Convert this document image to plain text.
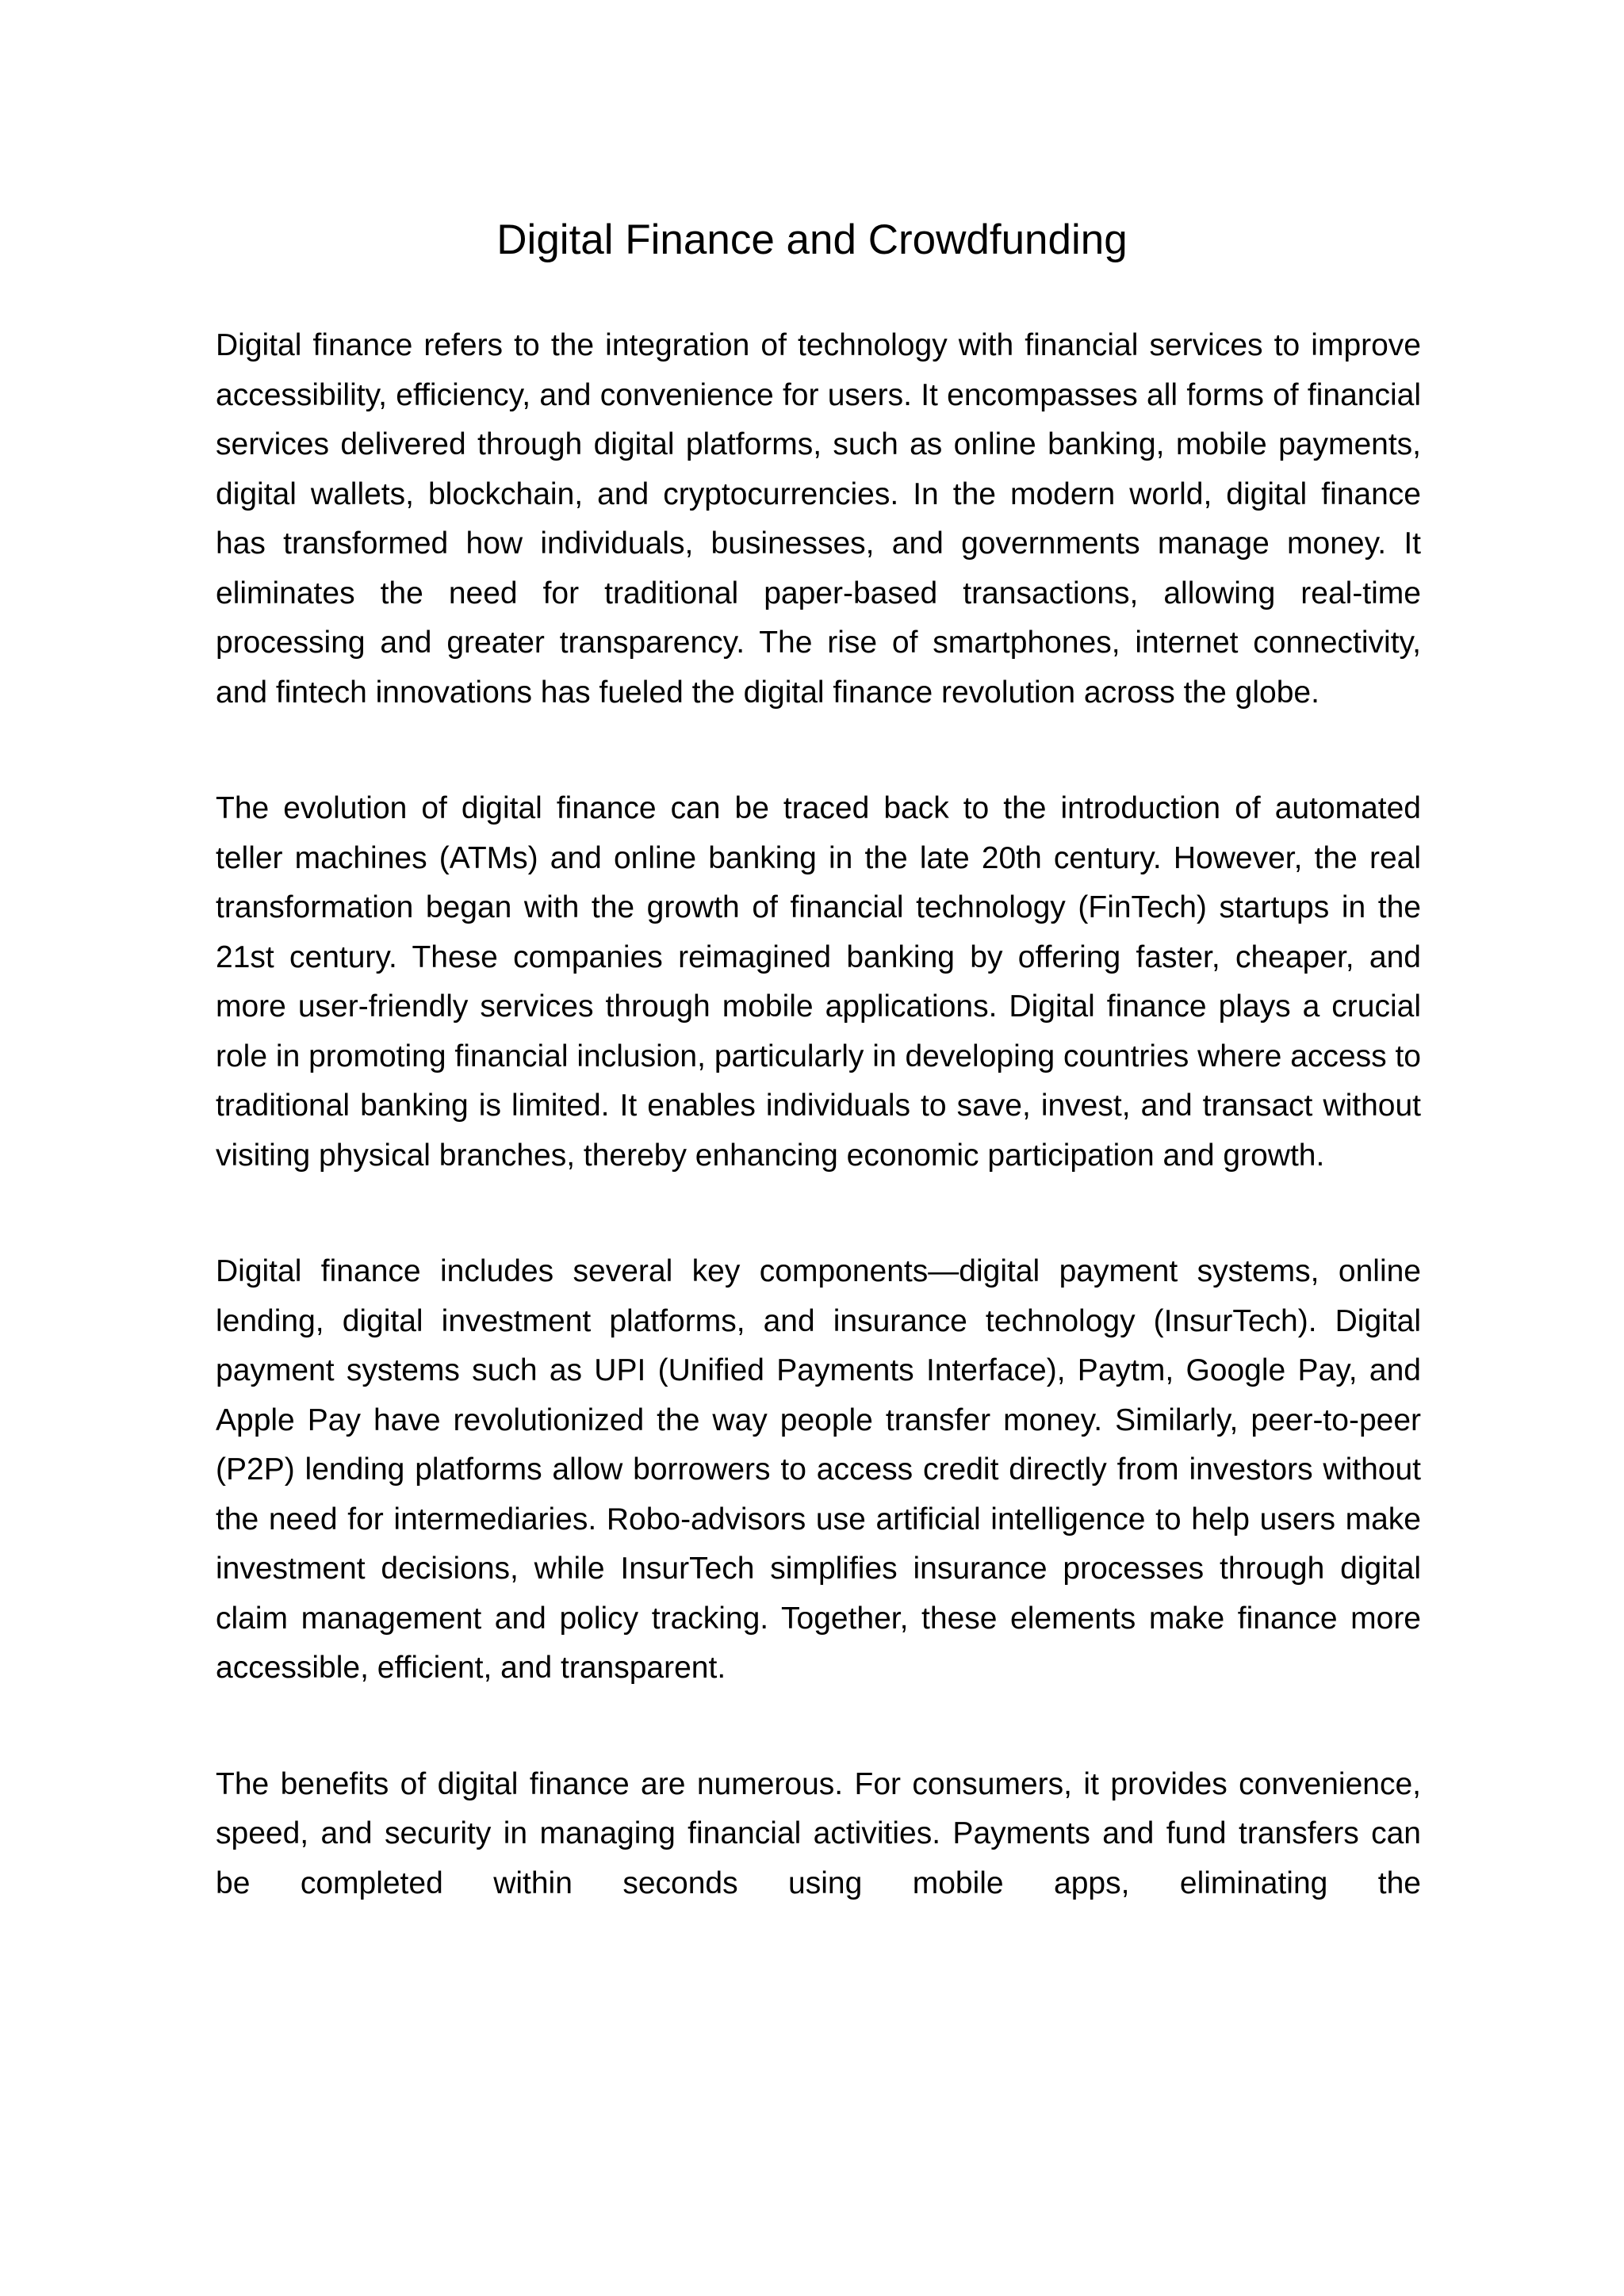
Digital Finance and Crowdfunding

Digital finance refers to the integration of technology with financial services to improve accessibility, efficiency, and convenience for users. It encompasses all forms of financial services delivered through digital platforms, such as online banking, mobile payments, digital wallets, blockchain, and cryptocurrencies. In the modern world, digital finance has transformed how individuals, businesses, and governments manage money. It eliminates the need for traditional paper-based transactions, allowing real-time processing and greater transparency. The rise of smartphones, internet connectivity, and fintech innovations has fueled the digital finance revolution across the globe.

The evolution of digital finance can be traced back to the introduction of automated teller machines (ATMs) and online banking in the late 20th century. However, the real transformation began with the growth of financial technology (FinTech) startups in the 21st century. These companies reimagined banking by offering faster, cheaper, and more user-friendly services through mobile applications. Digital finance plays a crucial role in promoting financial inclusion, particularly in developing countries where access to traditional banking is limited. It enables individuals to save, invest, and transact without visiting physical branches, thereby enhancing economic participation and growth.

Digital finance includes several key components—digital payment systems, online lending, digital investment platforms, and insurance technology (InsurTech). Digital payment systems such as UPI (Unified Payments Interface), Paytm, Google Pay, and Apple Pay have revolutionized the way people transfer money. Similarly, peer-to-peer (P2P) lending platforms allow borrowers to access credit directly from investors without the need for intermediaries. Robo-advisors use artificial intelligence to help users make investment decisions, while InsurTech simplifies insurance processes through digital claim management and policy tracking. Together, these elements make finance more accessible, efficient, and transparent.

The benefits of digital finance are numerous. For consumers, it provides convenience, speed, and security in managing financial activities. Payments and fund transfers can be completed within seconds using mobile apps, eliminating the
